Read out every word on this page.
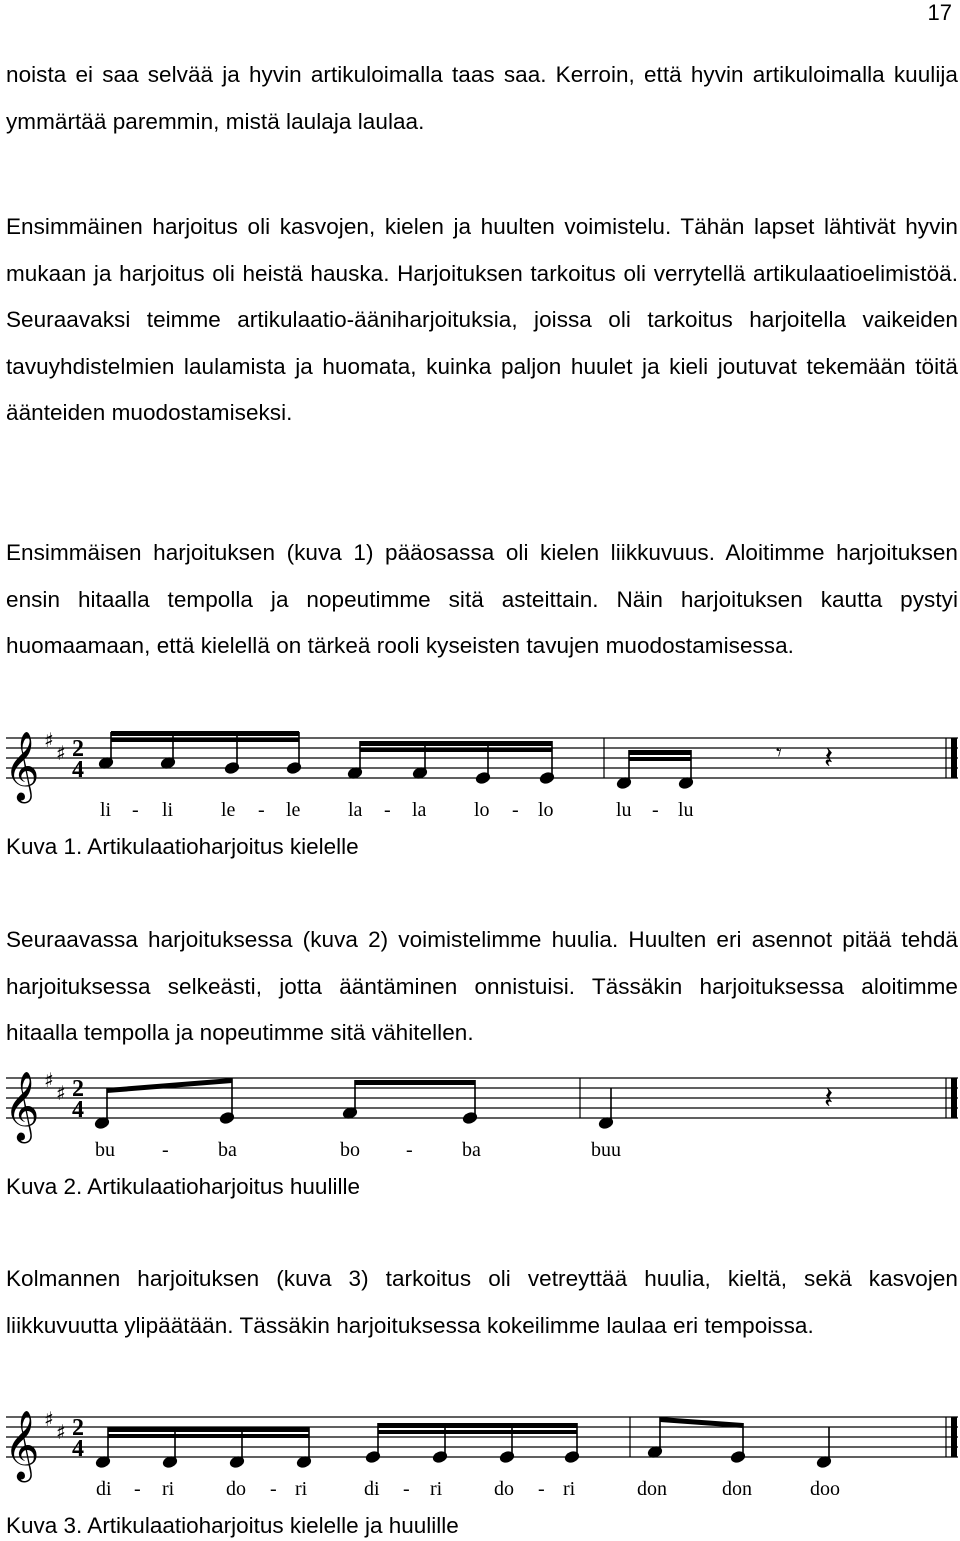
17

noista ei saa selvää ja hyvin artikuloimalla taas saa. Kerroin, että hyvin artikuloimalla kuulija ymmärtää paremmin, mistä laulaja laulaa.

Ensimmäinen harjoitus oli kasvojen, kielen ja huulten voimistelu. Tähän lapset lähtivät hyvin mukaan ja harjoitus oli heistä hauska. Harjoituksen tarkoitus oli verrytellä artikulaatioelimistöä. Seuraavaksi teimme artikulaatio-ääniharjoituksia, joissa oli tarkoitus harjoitella vaikeiden tavuyhdistelmien laulamista ja huomata, kuinka paljon huulet ja kieli joutuvat tekemään töitä äänteiden muodostamiseksi.

Ensimmäisen harjoituksen (kuva 1) pääosassa oli kielen liikkuvuus. Aloitimme harjoituksen ensin hitaalla tempolla ja nopeutimme sitä asteittain. Näin harjoituksen kautta pystyi huomaamaan, että kielellä on tärkeä rooli kyseisten tavujen muodostamisessa.

𝄞 ♯
♯ 2
4
𝄾 𝄽
li - li le - le la - la lo - lo	lu - lu

Kuva 1. Artikulaatioharjoitus kielelle

Seuraavassa harjoituksessa (kuva 2) voimistelimme huulia. Huulten eri asennot pitää tehdä harjoituksessa selkeästi, jotta ääntäminen onnistuisi. Tässäkin harjoituksessa aloitimme hitaalla tempolla ja nopeutimme sitä vähitellen.

𝄞 ♯
♯ 2
4	𝄽
bu - ba	bo - ba	buu

Kuva 2. Artikulaatioharjoitus huulille

Kolmannen harjoituksen (kuva 3) tarkoitus oli vetreyttää huulia, kieltä, sekä kasvojen liikkuvuutta ylipäätään. Tässäkin harjoituksessa kokeilimme laulaa eri tempoissa.

𝄞 ♯
♯ 2
4
di - ri	do - ri	di - ri	do - ri	don	don	doo

Kuva 3. Artikulaatioharjoitus kielelle ja huulille
